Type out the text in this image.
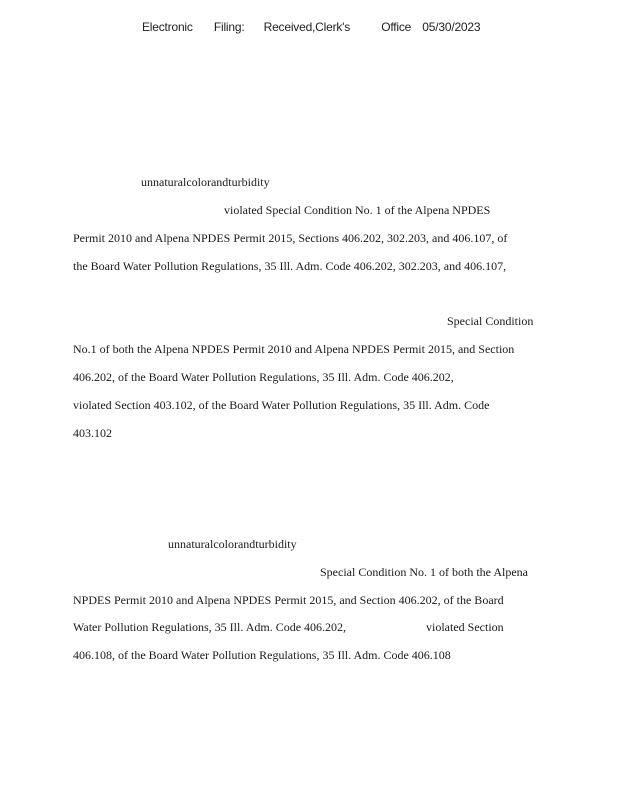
Electronic Filing: Received,Clerk's	Office 05/30/2023
unnaturalcolorandturbidity
violated Special Condition No. 1 of the Alpena NPDES
Permit 2010 and Alpena NPDES Permit 2015, Sections 406.202, 302.203, and 406.107, of
the Board Water Pollution Regulations, 35 Ill. Adm. Code 406.202, 302.203, and 406.107,
Special Condition
No.1 of both the Alpena NPDES Permit 2010 and Alpena NPDES Permit 2015, and Section
406.202, of the Board Water Pollution Regulations, 35 Ill. Adm. Code 406.202,
violated Section 403.102, of the Board Water Pollution Regulations, 35 Ill. Adm. Code
403.102
unnaturalcolorandturbidity
Special Condition No. 1 of both the Alpena
NPDES Permit 2010 and Alpena NPDES Permit 2015, and Section 406.202, of the Board
Water Pollution Regulations, 35 Ill. Adm. Code 406.202,	violated Section
406.108, of the Board Water Pollution Regulations, 35 Ill. Adm. Code 406.108
